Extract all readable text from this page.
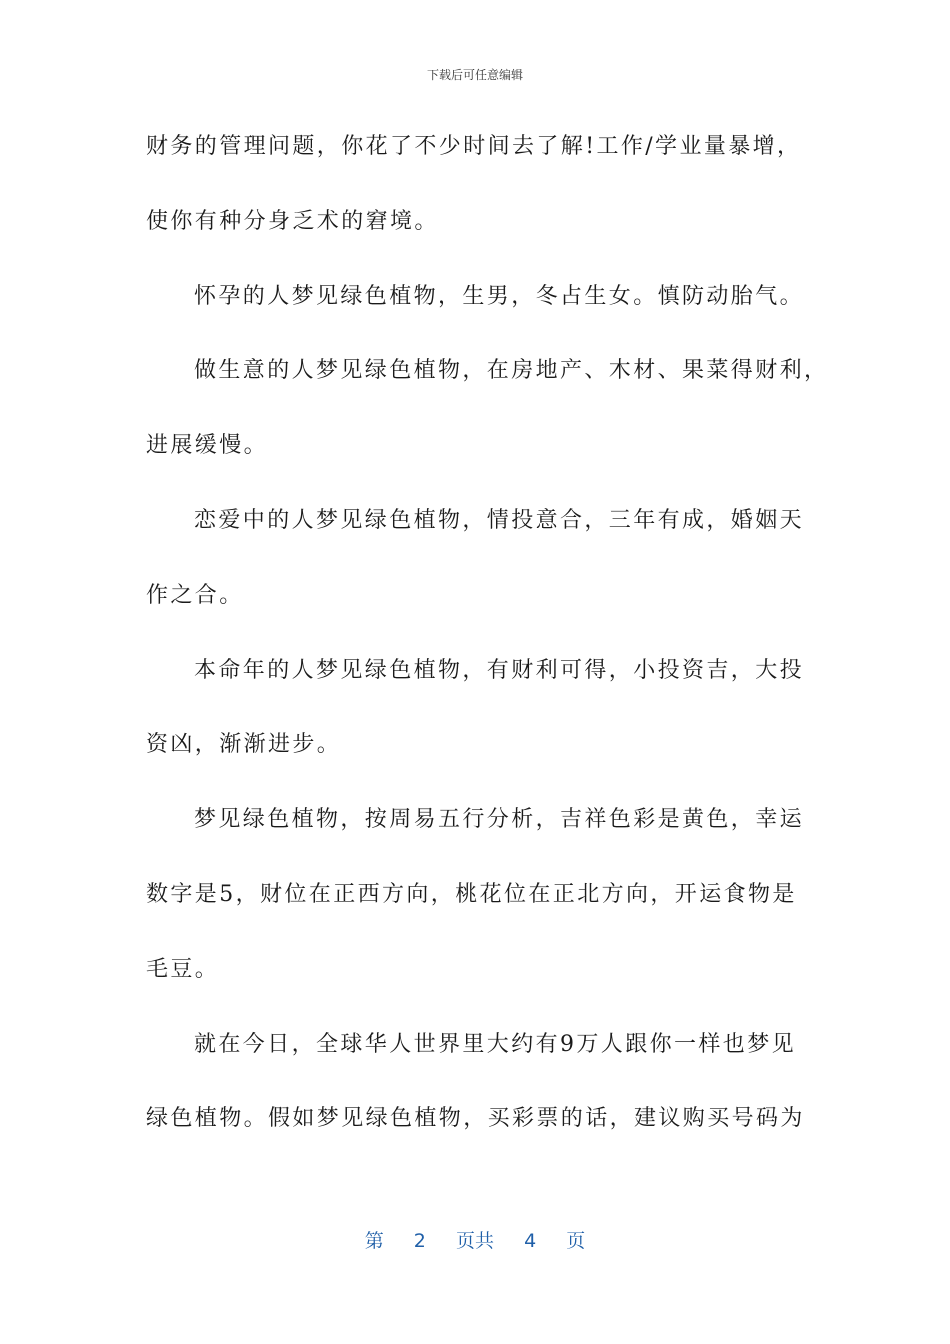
下载后可任意编辑
财务的管理问题，你花了不少时间去了解!工作/学业量暴增，
使你有种分身乏术的窘境。
怀孕的人梦见绿色植物，生男，冬占生女。慎防动胎气。
做生意的人梦见绿色植物，在房地产、木材、果菜得财利，
进展缓慢。
恋爱中的人梦见绿色植物，情投意合，三年有成，婚姻天
作之合。
本命年的人梦见绿色植物，有财利可得，小投资吉，大投
资凶，渐渐进步。
梦见绿色植物，按周易五行分析，吉祥色彩是黄色，幸运
数字是5，财位在正西方向，桃花位在正北方向，开运食物是
毛豆。
就在今日，全球华人世界里大约有9万人跟你一样也梦见
绿色植物。假如梦见绿色植物，买彩票的话，建议购买号码为
第 2 页共 4 页
